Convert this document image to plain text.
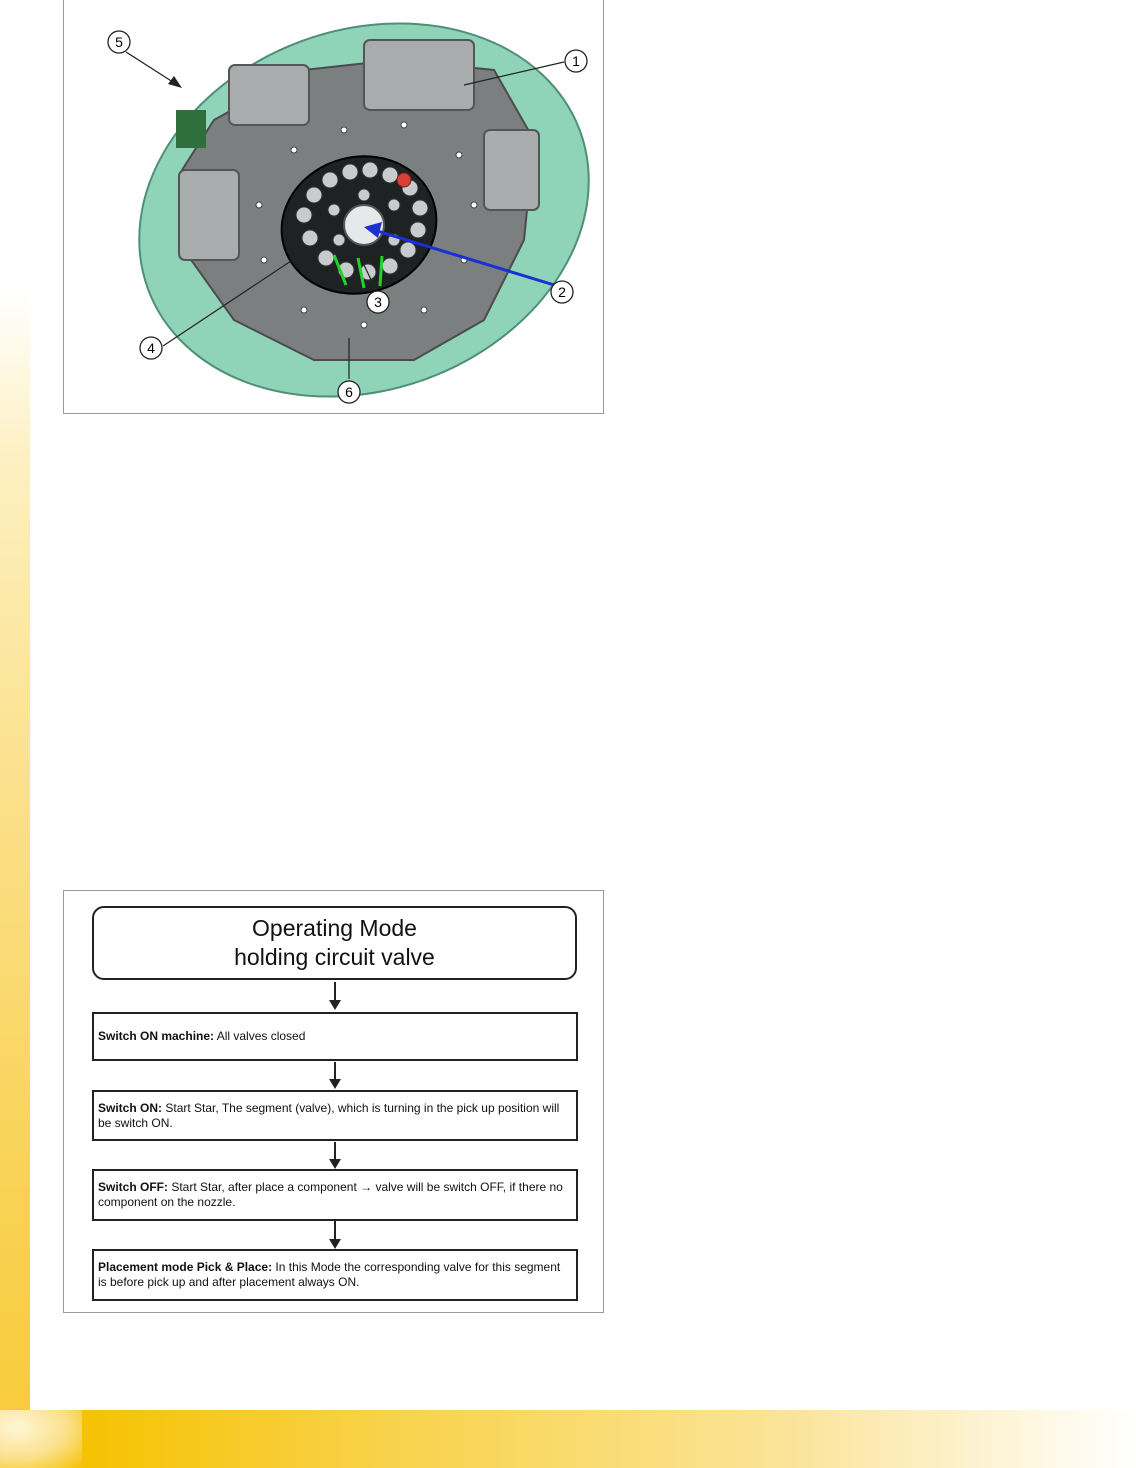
1
2
3
4
5
6
Operating Mode
holding circuit valve
Switch ON machine: All valves closed
Switch ON: Start Star, The segment (valve), which is turning in the pick up position will be switch ON.
Switch OFF: Start Star, after place a component → valve will be switch OFF, if there no component on the nozzle.
Placement mode Pick & Place: In this Mode the corresponding valve for this segment is before pick up and after placement always ON.
